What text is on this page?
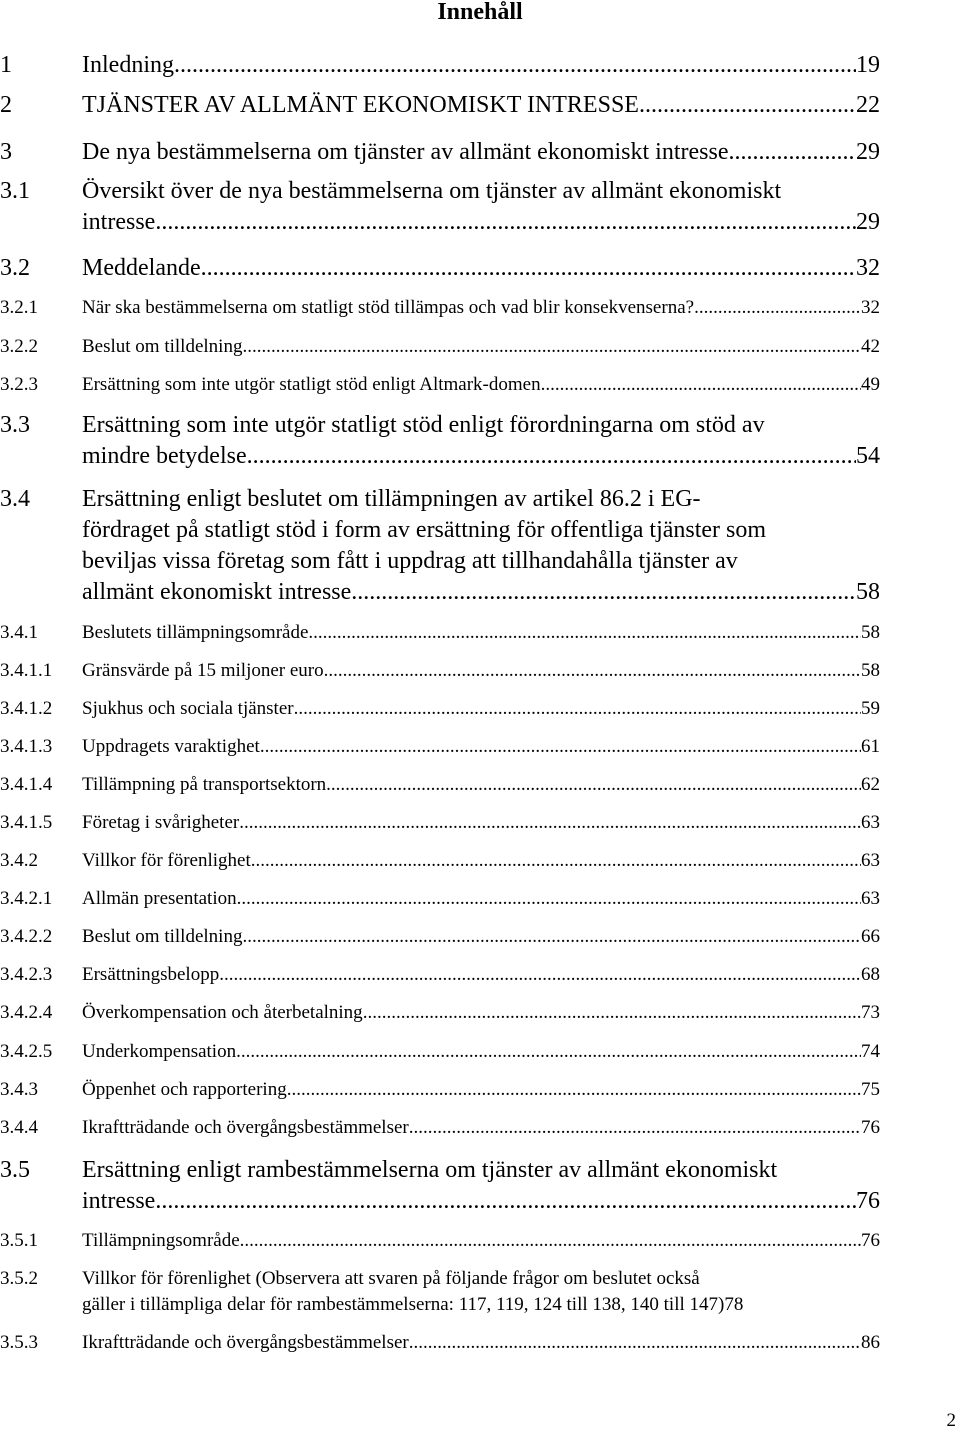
Innehåll
1	Inledning .....	19
2	TJÄNSTER AV ALLMÄNT EKONOMISKT INTRESSE .....	22
3	De nya bestämmelserna om tjänster av allmänt ekonomiskt intresse .....	29
3.1 Översikt över de nya bestämmelserna om tjänster av allmänt ekonomiskt
intresse .....	29
3.2 Meddelande .....	32
3.2.1 När ska bestämmelserna om statligt stöd tillämpas och vad blir konsekvenserna? .....	32
3.2.2 Beslut om tilldelning .....	42
3.2.3 Ersättning som inte utgör statligt stöd enligt Altmark-domen .....	49
3.3 Ersättning som inte utgör statligt stöd enligt förordningarna om stöd av
mindre betydelse .....	54
3.4 Ersättning enligt beslutet om tillämpningen av artikel 86.2 i EG-
fördraget på statligt stöd i form av ersättning för offentliga tjänster som
beviljas vissa företag som fått i uppdrag att tillhandahålla tjänster av
allmänt ekonomiskt intresse .....	58
3.4.1 Beslutets tillämpningsområde .....	58
3.4.1.1 Gränsvärde på 15 miljoner euro .....	58
3.4.1.2 Sjukhus och sociala tjänster .....	59
3.4.1.3 Uppdragets varaktighet .....	61
3.4.1.4 Tillämpning på transportsektorn .....	62
3.4.1.5 Företag i svårigheter .....	63
3.4.2 Villkor för förenlighet .....	63
3.4.2.1 Allmän presentation .....	63
3.4.2.2 Beslut om tilldelning .....	66
3.4.2.3 Ersättningsbelopp .....	68
3.4.2.4 Överkompensation och återbetalning .....	73
3.4.2.5 Underkompensation .....	74
3.4.3 Öppenhet och rapportering .....	75
3.4.4 Ikraftträdande och övergångsbestämmelser .....	76
3.5 Ersättning enligt rambestämmelserna om tjänster av allmänt ekonomiskt
intresse .....	76
3.5.1 Tillämpningsområde .....	76
3.5.2 Villkor för förenlighet (Observera att svaren på följande frågor om beslutet också
gäller i tillämpliga delar för rambestämmelserna: 117, 119, 124 till 138, 140 till 147) 78
3.5.3 Ikraftträdande och övergångsbestämmelser .....	86
2
